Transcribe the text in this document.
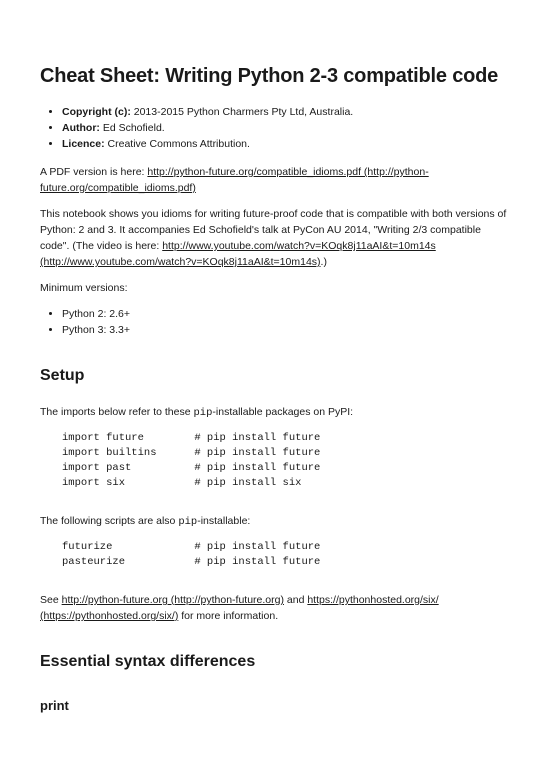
Cheat Sheet: Writing Python 2-3 compatible code
• Copyright (c): 2013-2015 Python Charmers Pty Ltd, Australia.
• Author: Ed Schofield.
• Licence: Creative Commons Attribution.

A PDF version is here: http://python-future.org/compatible_idioms.pdf (http://python-future.org/compatible_idioms.pdf)

This notebook shows you idioms for writing future-proof code that is compatible with both versions of Python: 2 and 3. It accompanies Ed Schofield's talk at PyCon AU 2014, "Writing 2/3 compatible code". (The video is here: http://www.youtube.com/watch?v=KOqk8j11aAI&t=10m14s (http://www.youtube.com/watch?v=KOqk8j11aAI&t=10m14s).)

Minimum versions:

• Python 2: 2.6+
• Python 3: 3.3+
Setup

The imports below refer to these pip-installable packages on PyPI:

import future        # pip install future
import builtins      # pip install future
import past          # pip install future
import six           # pip install six

The following scripts are also pip-installable:

futurize             # pip install future
pasteurize           # pip install future

See http://python-future.org (http://python-future.org) and https://pythonhosted.org/six/ (https://pythonhosted.org/six/) for more information.

Essential syntax differences
print
